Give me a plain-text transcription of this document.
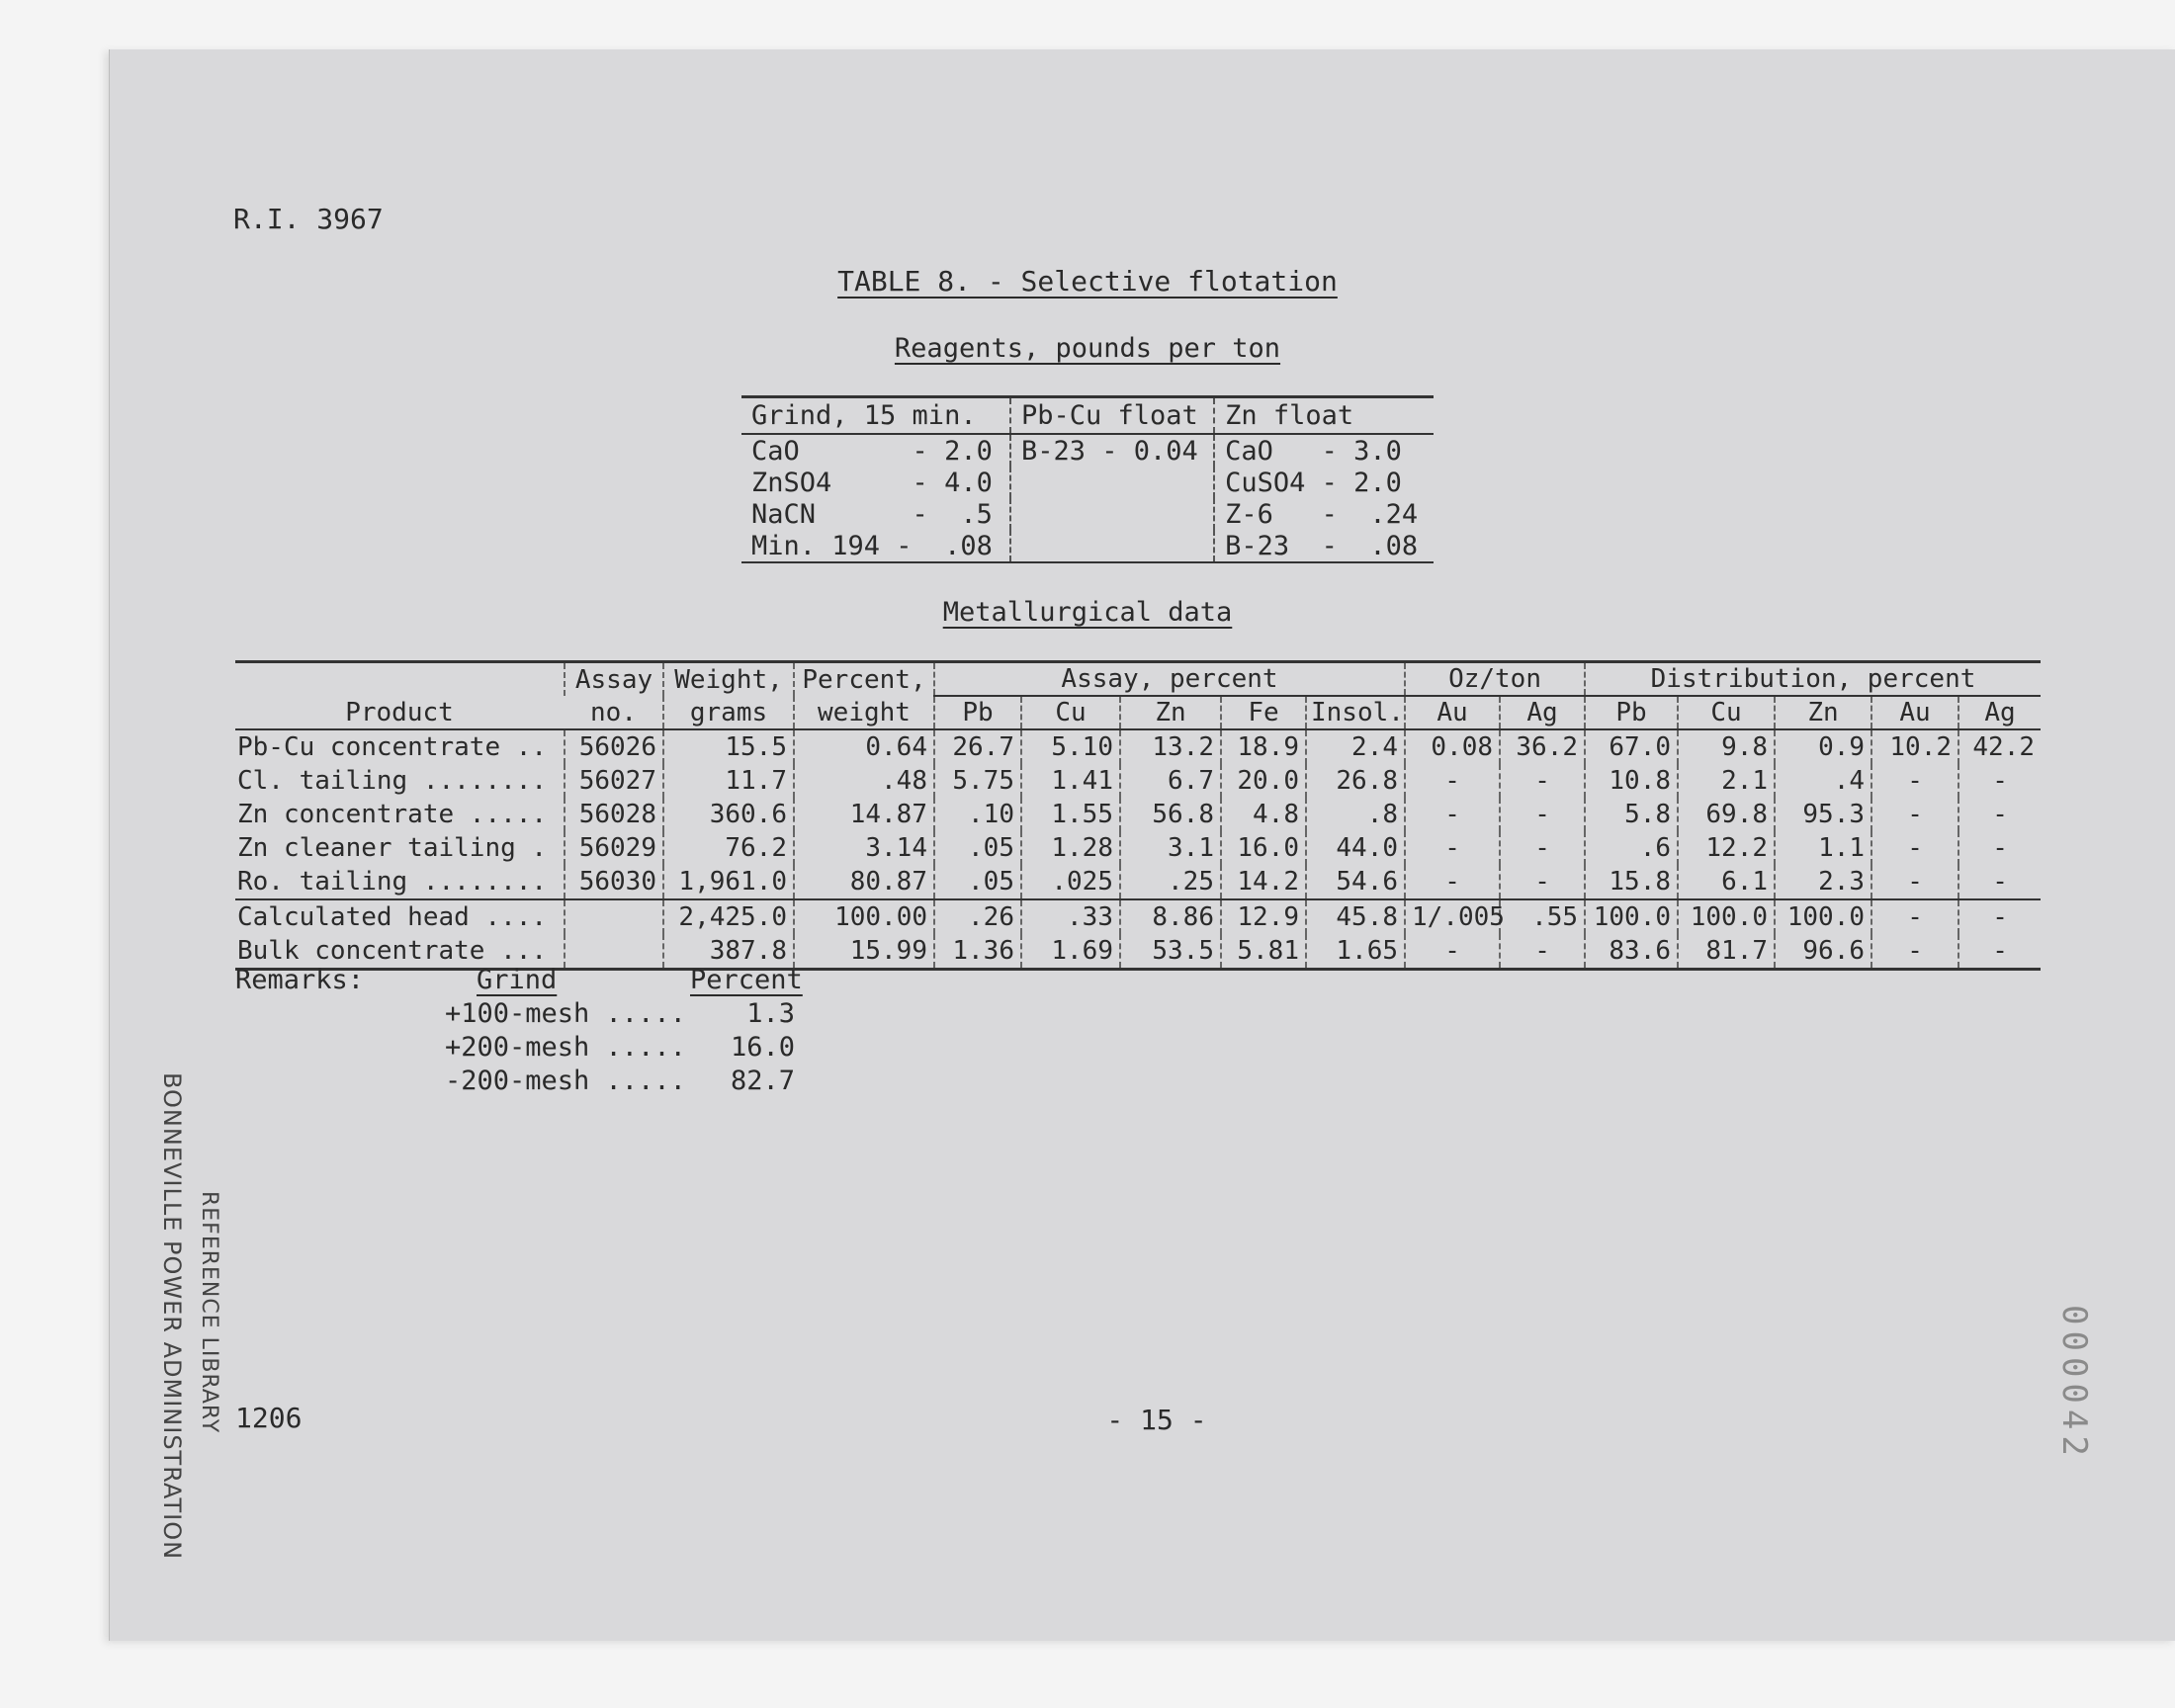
R.I. 3967
TABLE 8. - Selective flotation
Reagents, pounds per ton
Grind, 15 min.	Pb-Cu float	Zn float
CaO       - 2.0	B-23 - 0.04	CaO   - 3.0
ZnSO4     - 4.0		CuSO4 - 2.0
NaCN      -  .5		Z-6   -  .24
Min. 194 -  .08		B-23  -  .08
Metallurgical data
Product	Assay	Weight,	Percent,	Assay, percent					Oz/ton		Distribution, percent				
	no.	grams	weight	Pb	Cu	Zn	Fe	Insol.	Au	Ag	Pb	Cu	Zn	Au	Ag
Pb-Cu concentrate ..	56026	15.5	0.64	26.7	5.10	13.2	18.9	2.4	0.08	36.2	67.0	9.8	0.9	10.2	42.2
Cl. tailing ........	56027	11.7	.48	5.75	1.41	6.7	20.0	26.8	-	-	10.8	2.1	.4	-	-
Zn concentrate .....	56028	360.6	14.87	.10	1.55	56.8	4.8	.8	-	-	5.8	69.8	95.3	-	-
Zn cleaner tailing .	56029	76.2	3.14	.05	1.28	3.1	16.0	44.0	-	-	.6	12.2	1.1	-	-
Ro. tailing ........	56030	1,961.0	80.87	.05	.025	.25	14.2	54.6	-	-	15.8	6.1	2.3	-	-
Calculated head ....		2,425.0	100.00	.26	.33	8.86	12.9	45.8	1/.005	.55	100.0	100.0	100.0	-	-
Bulk concentrate ...		387.8	15.99	1.36	1.69	53.5	5.81	1.65	-	-	83.6	81.7	96.6	-	-
Remarks:	Grind	Percent
+100-mesh .....	1.3
+200-mesh ..... 16.0
-200-mesh ..... 82.7
1206	- 15 -
REFERENCE LIBRARY
BONNEVILLE POWER ADMINISTRATION	000042
